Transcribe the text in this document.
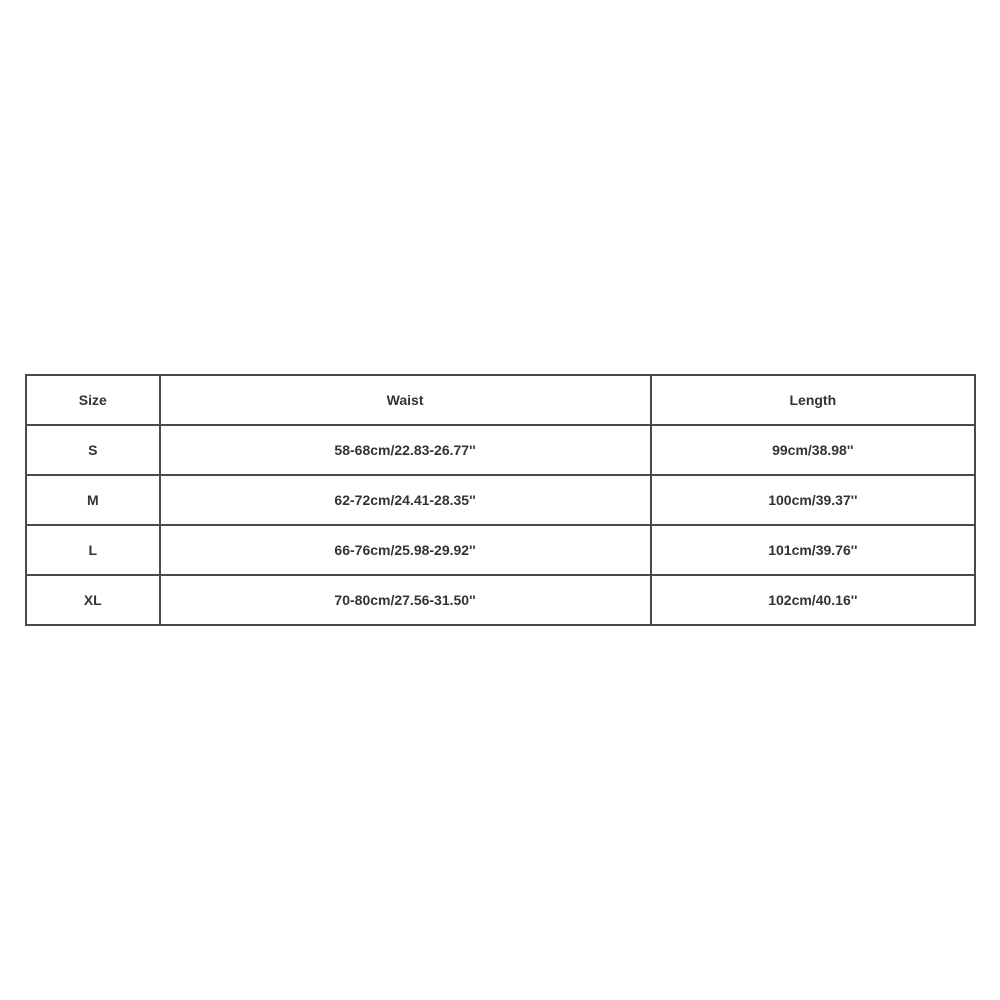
Size	Waist	Length
S	58-68cm/22.83-26.77''	99cm/38.98''
M	62-72cm/24.41-28.35''	100cm/39.37''
L	66-76cm/25.98-29.92''	101cm/39.76''
XL	70-80cm/27.56-31.50''	102cm/40.16''
